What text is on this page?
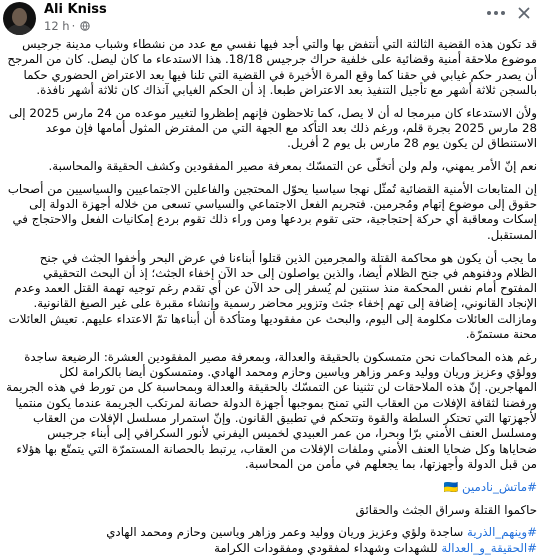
Ali Kniss
12 h ·

قد تكون هذه القضية الثالثة التي أنتفض بها والتي أجد فيها نفسي مع عدد من نشطاء وشباب مدينة جرجيس موضوع ملاحقة أمنية وقضائية على خلفية حراك جرجيس 18/18. هذا الاستدعاء ما كان ليصل. كان من المرجح أن يصدر حكم غيابي في حقنا كما وقع المرة الأخيرة في القضية التي تلنا فيها بعد الاعتراض الحضوري حكما بالسجن ثلاثة أشهر مع تأجيل التنفيذ بعد الاعتراض طبعا. إذ أن الحكم الغيابي آنذاك كان ثلاثة أشهر نافذة.

ولأن الاستدعاء كان مبرمجا له أن لا يصل، كما تلاحظون فإنهم إطظروا لتغيير موعده من 24 مارس 2025 إلى 28 مارس 2025 بجرة قلم، ورغم ذلك بعد التأكد مع الجهة التي من المفترض المثول أمامها فإن موعد الاستنطاق لن يكون يوم 28 مارس بل يوم 2 أفريل.

نعم إنّ الأمر يمهني، ولم ولن أتخلّى عن التمسّك بمعرفة مصير المفقودين وكشف الحقيقة والمحاسبة.

إن المتابعات الأمنية القضائية تُمثّل نهجا سياسيا يحوّل المحتجين والفاعلين الاجتماعيين والسياسيين من أصحاب حقوق إلى موضوع إتهام ومُجرمين. فتجريم الفعل الاجتماعي والسياسي تسعى من خلاله أجهزة الدولة إلى إسكات ومعاقبة أي حركة إحتجاجية، حتى تقوم بردعها ومن وراء ذلك تقوم بردع إمكانيات الفعل والاحتجاج في المستقبل.

ما يجب أن يكون هو محاكمة القتلة والمجرمين الذين قتلوا أبناءنا في عرض البحر وأخفوا الجثث في جنح الظلام ودفنوهم في جنح الظلام أيضا، والذين يواصلون إلى حد الآن إخفاء الجثث؛ إذ أن البحث التحقيقي المفتوح أمام نفس المحكمة منذ سنتين لم يُسفر إلى حد الآن عن أي تقدم رغم توجيه تهمة القتل العمد وعدم الإنجاد القانوني، إضافة إلى تهم إخفاء جثث وتزوير محاضر رسمية وإنشاء مقبرة على غير الصيغ القانونية. ومازالت العائلات مكلومة إلى اليوم، والبحث عن مفقوديها ومتأكدة أن أبناءها تمّ الاعتداء عليهم. تعيش العائلات محنة مستمرّة.

رغم هذه المحاكمات نحن متمسكون بالحقيقة والعدالة، وبمعرفة مصير المفقودين العشرة: الرضيعة ساجدة وولؤي وعزيز وريان ووليد وعمر وزاهر وياسين وحازم ومحمد الهادي. ومتمسكون أيضا بالكرامة لكل المهاجرين. إنّ هذه الملاحقات لن تثنينا عن التمسّك بالحقيقة والعدالة وبمحاسبة كل من تورط في هذه الجريمة ورفضنا لثقافة الإفلات من العقاب التي تمنح بموجبها أجهزة الدولة حصانة لمرتكب الجريمة عندما يكون منتميا لأجهزتها التي تحتكر السلطة والقوة وتتحكم في تطبيق القانون. وإنّ استمرار مسلسل الإفلات من العقاب ومسلسل العنف الأمني برّا وبحرا، من عمر العبيدي لخميس اليفرني لأنور السكرافي إلى أبناء جرجيس ضحاياها وكل ضحايا العنف الأمني وملفات الإفلات من العقاب، يرتبط بالحصانة المستمرّة التي يتمتّع بها هؤلاء من قبل الدولة وأجهزتها، بما يجعلهم في مأمن من المحاسبة.

#ماتش_نادمين 🇺🇦

حاكموا القتلة وسراق الجثث والحقائق

#وينهم_الذرية ساجدة ولؤي وعزيز وريان ووليد وعمر وزاهر وياسين وحازم ومحمد الهادي

#الحقيقة_و_العدالة للشهدات وشهداء لمفقودي ومفقودات الكرامة
